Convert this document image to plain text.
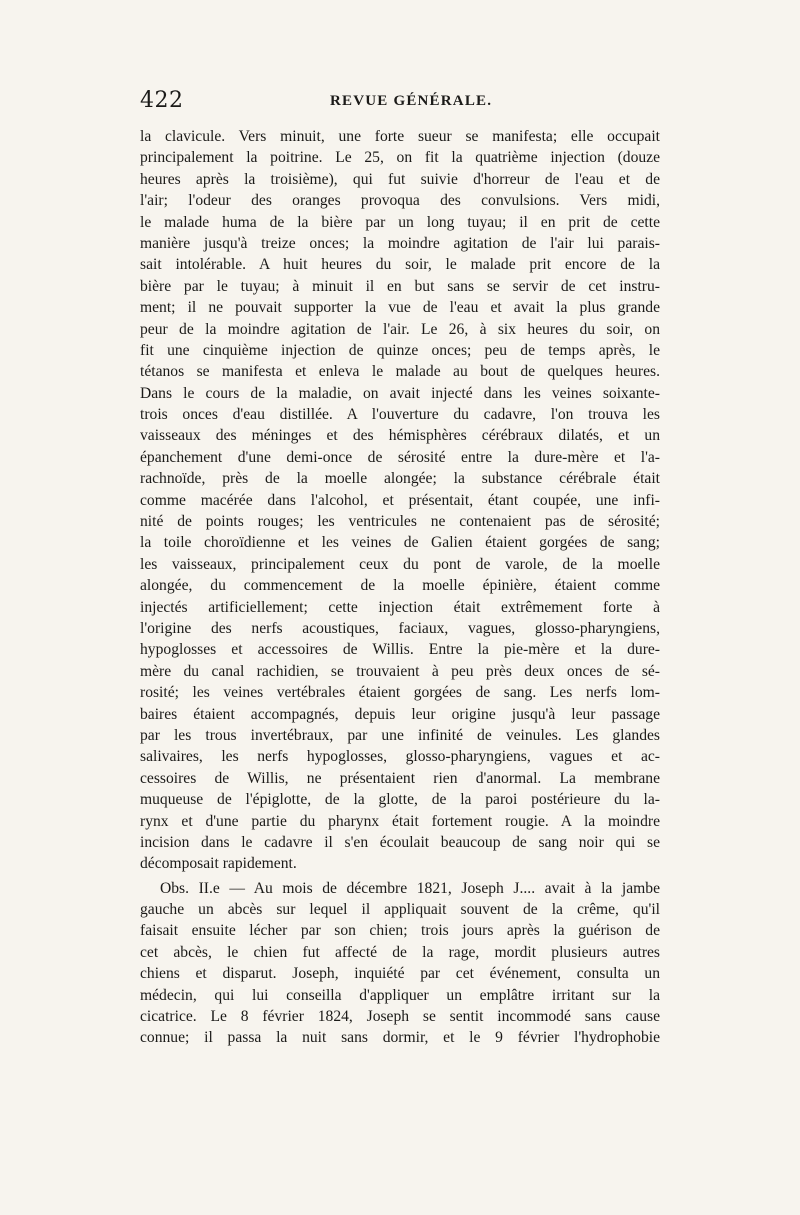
422	REVUE GÉNÉRALE.
la clavicule. Vers minuit, une forte sueur se manifesta; elle occupait
principalement la poitrine. Le 25, on fit la quatrième injection (douze
heures après la troisième), qui fut suivie d'horreur de l'eau et de
l'air; l'odeur des oranges provoqua des convulsions. Vers midi,
le malade huma de la bière par un long tuyau; il en prit de cette
manière jusqu'à treize onces; la moindre agitation de l'air lui parais-
sait intolérable. A huit heures du soir, le malade prit encore de la
bière par le tuyau; à minuit il en but sans se servir de cet instru-
ment; il ne pouvait supporter la vue de l'eau et avait la plus grande
peur de la moindre agitation de l'air. Le 26, à six heures du soir, on
fit une cinquième injection de quinze onces; peu de temps après, le
tétanos se manifesta et enleva le malade au bout de quelques heures.
Dans le cours de la maladie, on avait injecté dans les veines soixante-
trois onces d'eau distillée. A l'ouverture du cadavre, l'on trouva les
vaisseaux des méninges et des hémisphères cérébraux dilatés, et un
épanchement d'une demi-once de sérosité entre la dure-mère et l'a-
rachnoïde, près de la moelle alongée; la substance cérébrale était
comme macérée dans l'alcohol, et présentait, étant coupée, une infi-
nité de points rouges; les ventricules ne contenaient pas de sérosité;
la toile choroïdienne et les veines de Galien étaient gorgées de sang;
les vaisseaux, principalement ceux du pont de varole, de la moelle
alongée, du commencement de la moelle épinière, étaient comme
injectés artificiellement; cette injection était extrêmement forte à
l'origine des nerfs acoustiques, faciaux, vagues, glosso-pharyngiens,
hypoglosses et accessoires de Willis. Entre la pie-mère et la dure-
mère du canal rachidien, se trouvaient à peu près deux onces de sé-
rosité; les veines vertébrales étaient gorgées de sang. Les nerfs lom-
baires étaient accompagnés, depuis leur origine jusqu'à leur passage
par les trous invertébraux, par une infinité de veinules. Les glandes
salivaires, les nerfs hypoglosses, glosso-pharyngiens, vagues et ac-
cessoires de Willis, ne présentaient rien d'anormal. La membrane
muqueuse de l'épiglotte, de la glotte, de la paroi postérieure du la-
rynx et d'une partie du pharynx était fortement rougie. A la moindre
incision dans le cadavre il s'en écoulait beaucoup de sang noir qui se
décomposait rapidement.
Obs. II.e — Au mois de décembre 1821, Joseph J.... avait à la jambe
gauche un abcès sur lequel il appliquait souvent de la crême, qu'il
faisait ensuite lécher par son chien; trois jours après la guérison de
cet abcès, le chien fut affecté de la rage, mordit plusieurs autres
chiens et disparut. Joseph, inquiété par cet événement, consulta un
médecin, qui lui conseilla d'appliquer un emplâtre irritant sur la
cicatrice. Le 8 février 1824, Joseph se sentit incommodé sans cause
connue; il passa la nuit sans dormir, et le 9 février l'hydrophobie
